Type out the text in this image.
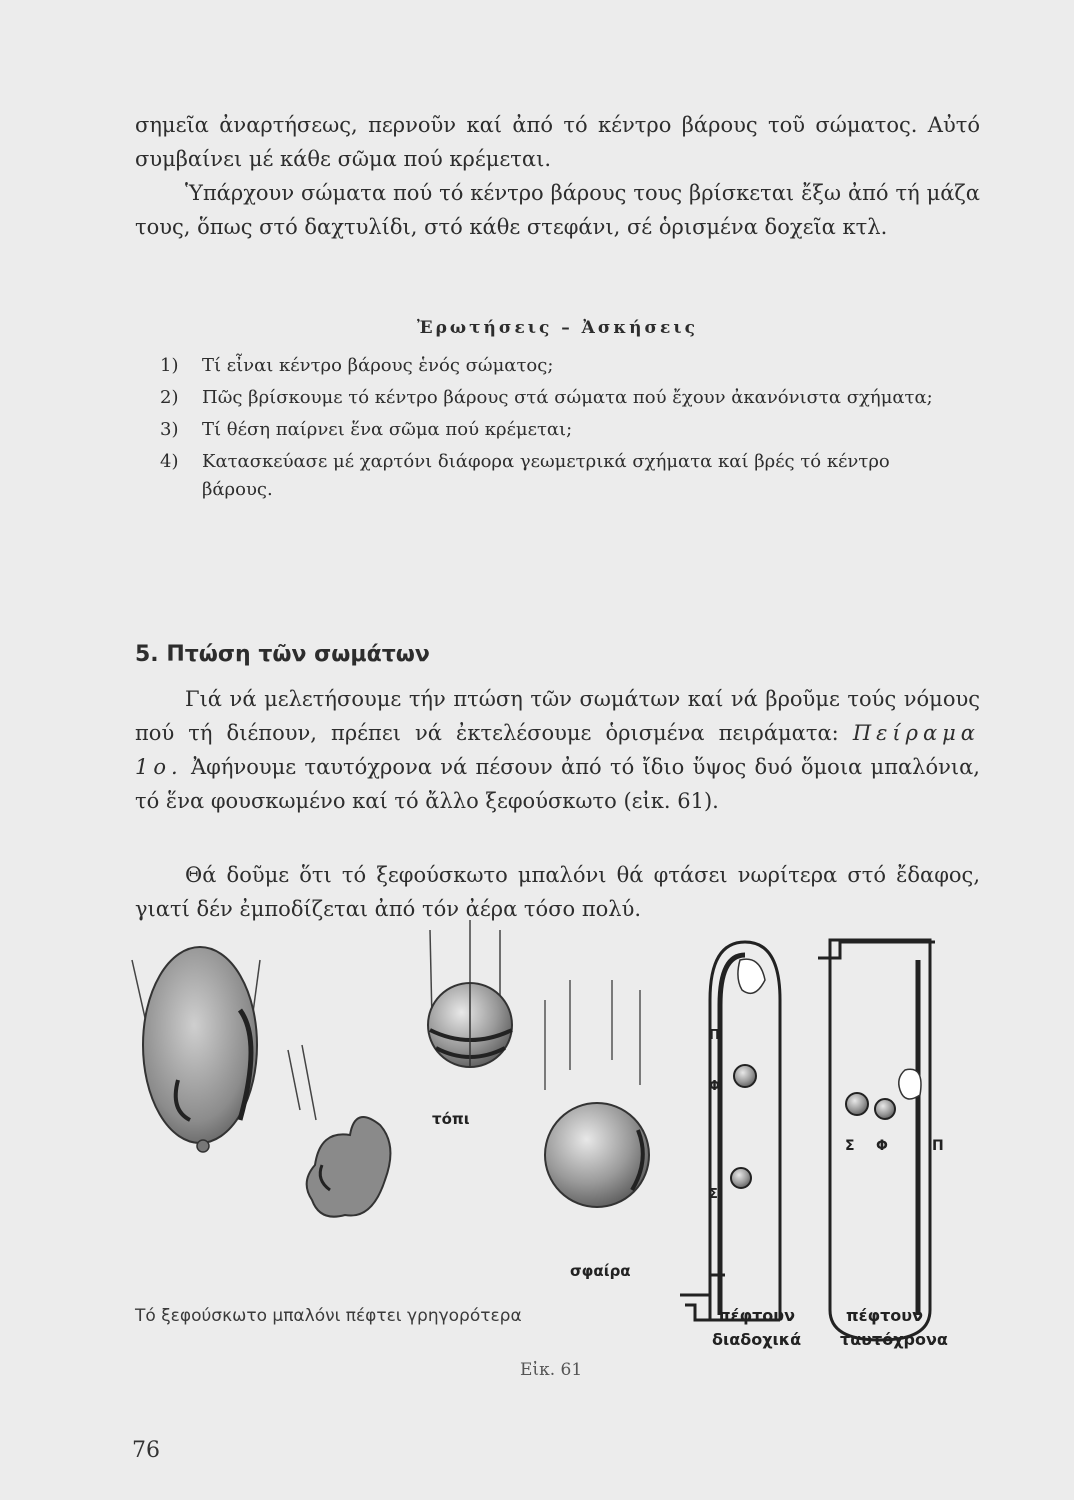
σημεῖα ἀναρτήσεως, περνοῦν καί ἀπό τό κέντρο βάρους τοῦ σώματος. Αὐτό συμβαίνει μέ κάθε σῶμα πού κρέμεται.

Ὑπάρχουν σώματα πού τό κέντρο βάρους τους βρίσκεται ἔξω ἀπό τή μάζα τους, ὅπως στό δαχτυλίδι, στό κάθε στεφάνι, σέ ὁρισμένα δοχεῖα κτλ.

Ἐρωτήσεις – Ἀσκήσεις
1) Τί εἶναι κέντρο βάρους ἑνός σώματος;
2) Πῶς βρίσκουμε τό κέντρο βάρους στά σώματα πού ἔχουν ἀκανόνιστα σχήματα;
3) Τί θέση παίρνει ἕνα σῶμα πού κρέμεται;
4) Κατασκεύασε μέ χαρτόνι διάφορα γεωμετρικά σχήματα καί βρές τό κέντρο βάρους.
5. Πτώση τῶν σωμάτων

Γιά νά μελετήσουμε τήν πτώση τῶν σωμάτων καί νά βροῦμε τούς νόμους πού τή διέπουν, πρέπει νά ἐκτελέσουμε ὁρισμένα πειράματα: Πείραμα 1ο. Ἀφήνουμε ταυτόχρονα νά πέσουν ἀπό τό ἴδιο ὕψος δυό ὅμοια μπαλόνια, τό ἕνα φουσκωμένο καί τό ἄλλο ξεφούσκωτο (εἰκ. 61).

Θά δοῦμε ὅτι τό ξεφούσκωτο μπαλόνι θά φτάσει νωρίτερα στό ἔδαφος, γιατί δέν ἐμποδίζεται ἀπό τόν ἀέρα τόσο πολύ.

Π
Φ
Σ
Σ Φ	Π
τόπι
σφαίρα
Τό ξεφούσκωτο μπαλόνι πέφτει γρηγορότερα	πέφτουν
διαδοχικά
πέφτουν
ταυτόχρονα
Εἰκ. 61
76
